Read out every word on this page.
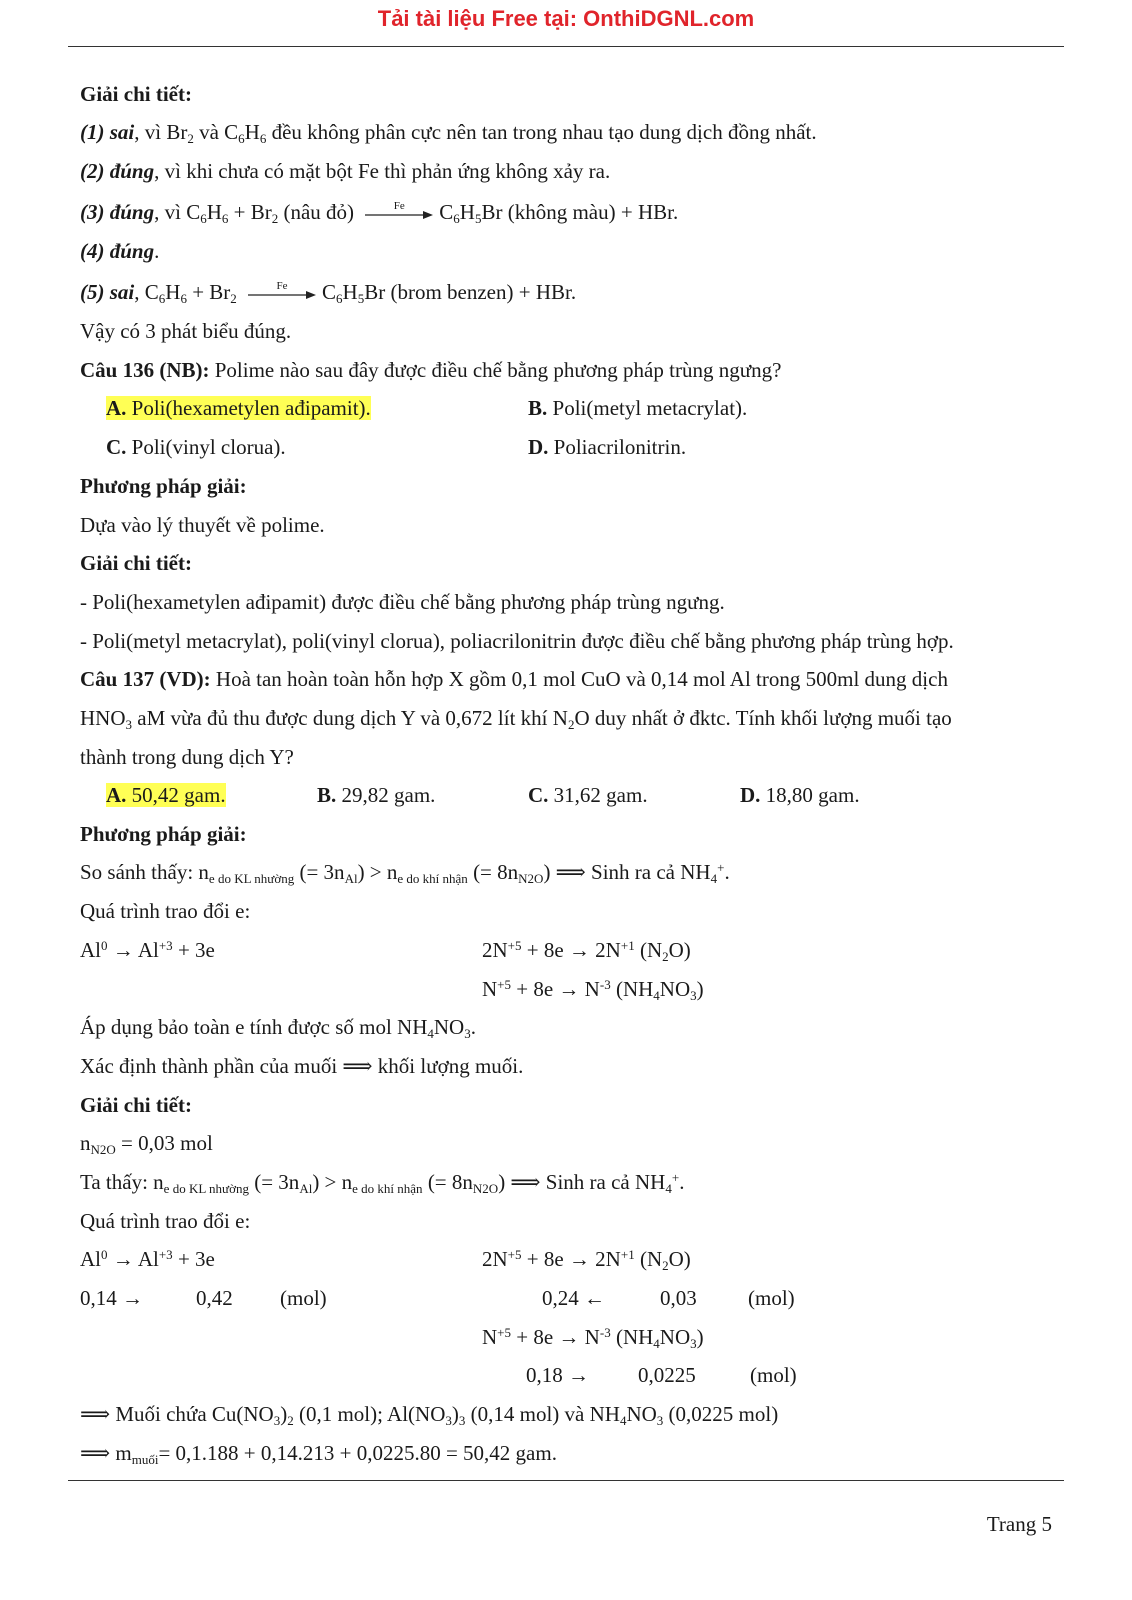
Tải tài liệu Free tại: OnthiDGNL.com
Giải chi tiết:
(1) sai, vì $Br_2$ và $C_6H_6$ đều không phân cực nên tan trong nhau tạo dung dịch đồng nhất.
(2) đúng, vì khi chưa có mặt bột Fe thì phản ứng không xảy ra.
(3) đúng, vì $C_6H_6 + Br_2$ (nâu đỏ)	Fe	$C_6H_5Br$ (không màu) + HBr.
(4) đúng.
(5) sai, $C_6H_6 + Br_2$
Fe	$C_6H_5Br$ (brom benzen) + HBr.
Vậy có 3 phát biểu đúng.
Câu 136 (NB): Polime nào sau đây được điều chế bằng phương pháp trùng ngưng?
A. Poli(hexametylen ađipamit).	B. Poli(metyl metacrylat).
C. Poli(vinyl clorua).	D. Poliacrilonitrin.
Phương pháp giải:
Dựa vào lý thuyết về polime.
Giải chi tiết:
- Poli(hexametylen ađipamit) được điều chế bằng phương pháp trùng ngưng.
- Poli(metyl metacrylat), poli(vinyl clorua), poliacrilonitrin được điều chế bằng phương pháp trùng hợp.
Câu 137 (VD): Hoà tan hoàn toàn hỗn hợp X gồm 0,1 mol CuO và 0,14 mol Al trong 500ml dung dịch
$HNO_3$ aM vừa đủ thu được dung dịch Y và 0,672 lít khí $N_2O$ duy nhất ở đktc. Tính khối lượng muối tạo
thành trong dung dịch Y?
A. 50,42 gam.	B. 29,82 gam.	C. 31,62 gam.	D. 18,80 gam.
Phương pháp giải:
So sánh thấy: $n_{e do KL nhường}$ (= $3n_{Al}) > n_{e do khí nhận}$ (= $8n_{N2O}$) ⟹ Sinh ra cả $NH_4^+$.
Quá trình trao đổi e:
$Al^0 \to Al^{+3} + 3e$	$2N^{+5} + 8e \to 2N^{+1}$ $(N_2O)$
$N^{+5} + 8e \to N^{-3}$ $(NH_4NO_3)$
Áp dụng bảo toàn e tính được số mol $NH_4NO_3$.
Xác định thành phần của muối ⟹ khối lượng muối.
Giải chi tiết:
$n_{N2O} = 0,03$ mol
Ta thấy: $n_{e do KL nhường}$ (= $3n_{Al}) > n_{e do khí nhận}$ (= $8n_{N2O}$) ⟹ Sinh ra cả $NH_4^+$.
Quá trình trao đổi e:
$Al^0 \to Al^{+3} + 3e$	$2N^{+5} + 8e \to 2N^{+1}$ $(N_2O)$
0,14 →	0,42 (mol)	0,24 ←	0,03 (mol)
$N^{+5} + 8e \to N^{-3}$ $(NH_4NO_3)$
0,18 → 0,0225	(mol)
⟹ Muối chứa $Cu(NO_3)_2$ (0,1 mol); $Al(NO_3)_3$ (0,14 mol) và $NH_4NO_3$ (0,0225 mol)
⟹ $m_{muối}= 0,1.188 + 0,14.213 + 0,0225.80 = 50,42$ gam.
Trang 5
